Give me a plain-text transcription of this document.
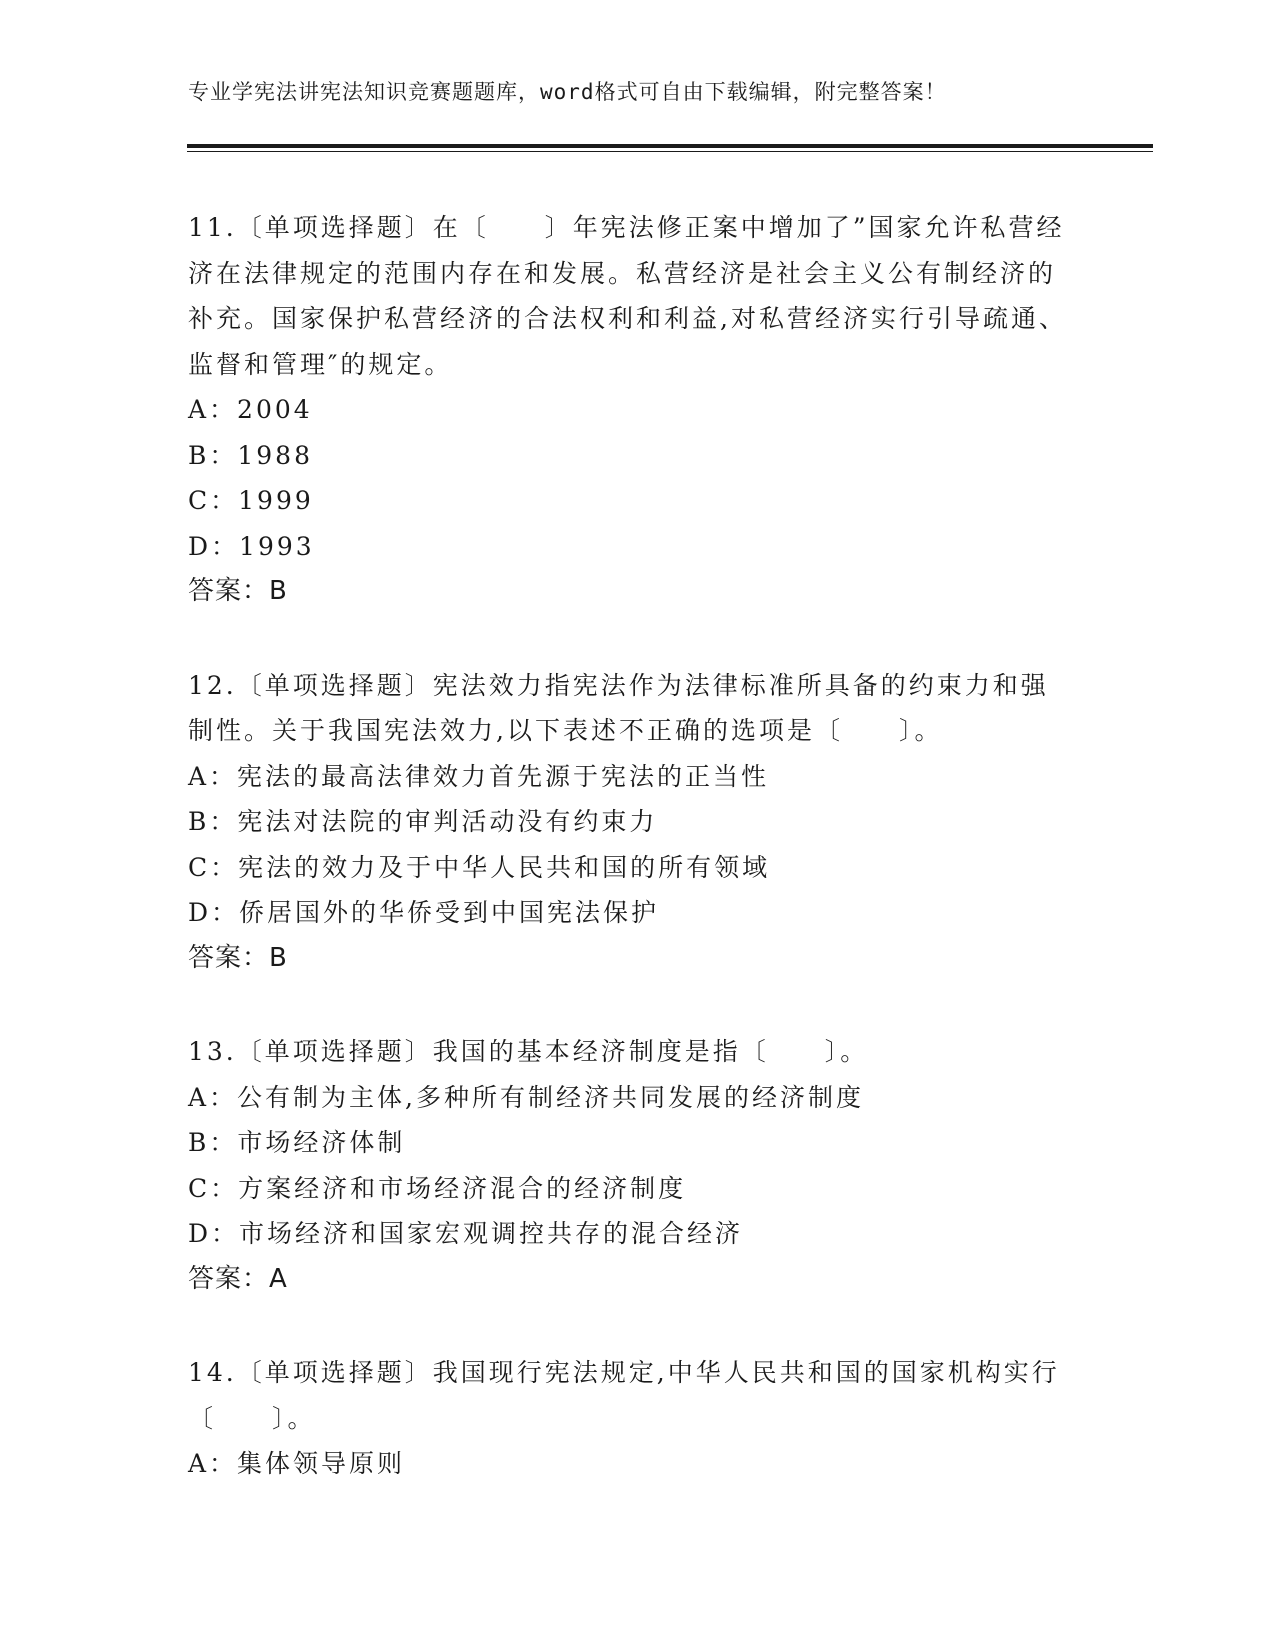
专业学宪法讲宪法知识竞赛题题库，word格式可自由下载编辑，附完整答案！

11.〔单项选择题〕在〔　　〕年宪法修正案中增加了”国家允许私营经济在法律规定的范围内存在和发展。私营经济是社会主义公有制经济的补充。国家保护私营经济的合法权利和利益,对私营经济实行引导疏通、监督和管理″的规定。

A：2004

B：1988

C：1999

D：1993

答案：B

12.〔单项选择题〕宪法效力指宪法作为法律标准所具备的约束力和强制性。关于我国宪法效力,以下表述不正确的选项是〔　　〕。

A：宪法的最高法律效力首先源于宪法的正当性

B：宪法对法院的审判活动没有约束力

C：宪法的效力及于中华人民共和国的所有领域

D：侨居国外的华侨受到中国宪法保护

答案：B

13.〔单项选择题〕我国的基本经济制度是指〔　　〕。

A：公有制为主体,多种所有制经济共同发展的经济制度

B：市场经济体制

C：方案经济和市场经济混合的经济制度

D：市场经济和国家宏观调控共存的混合经济

答案：A

14.〔单项选择题〕我国现行宪法规定,中华人民共和国的国家机构实行〔　　〕。

A：集体领导原则
